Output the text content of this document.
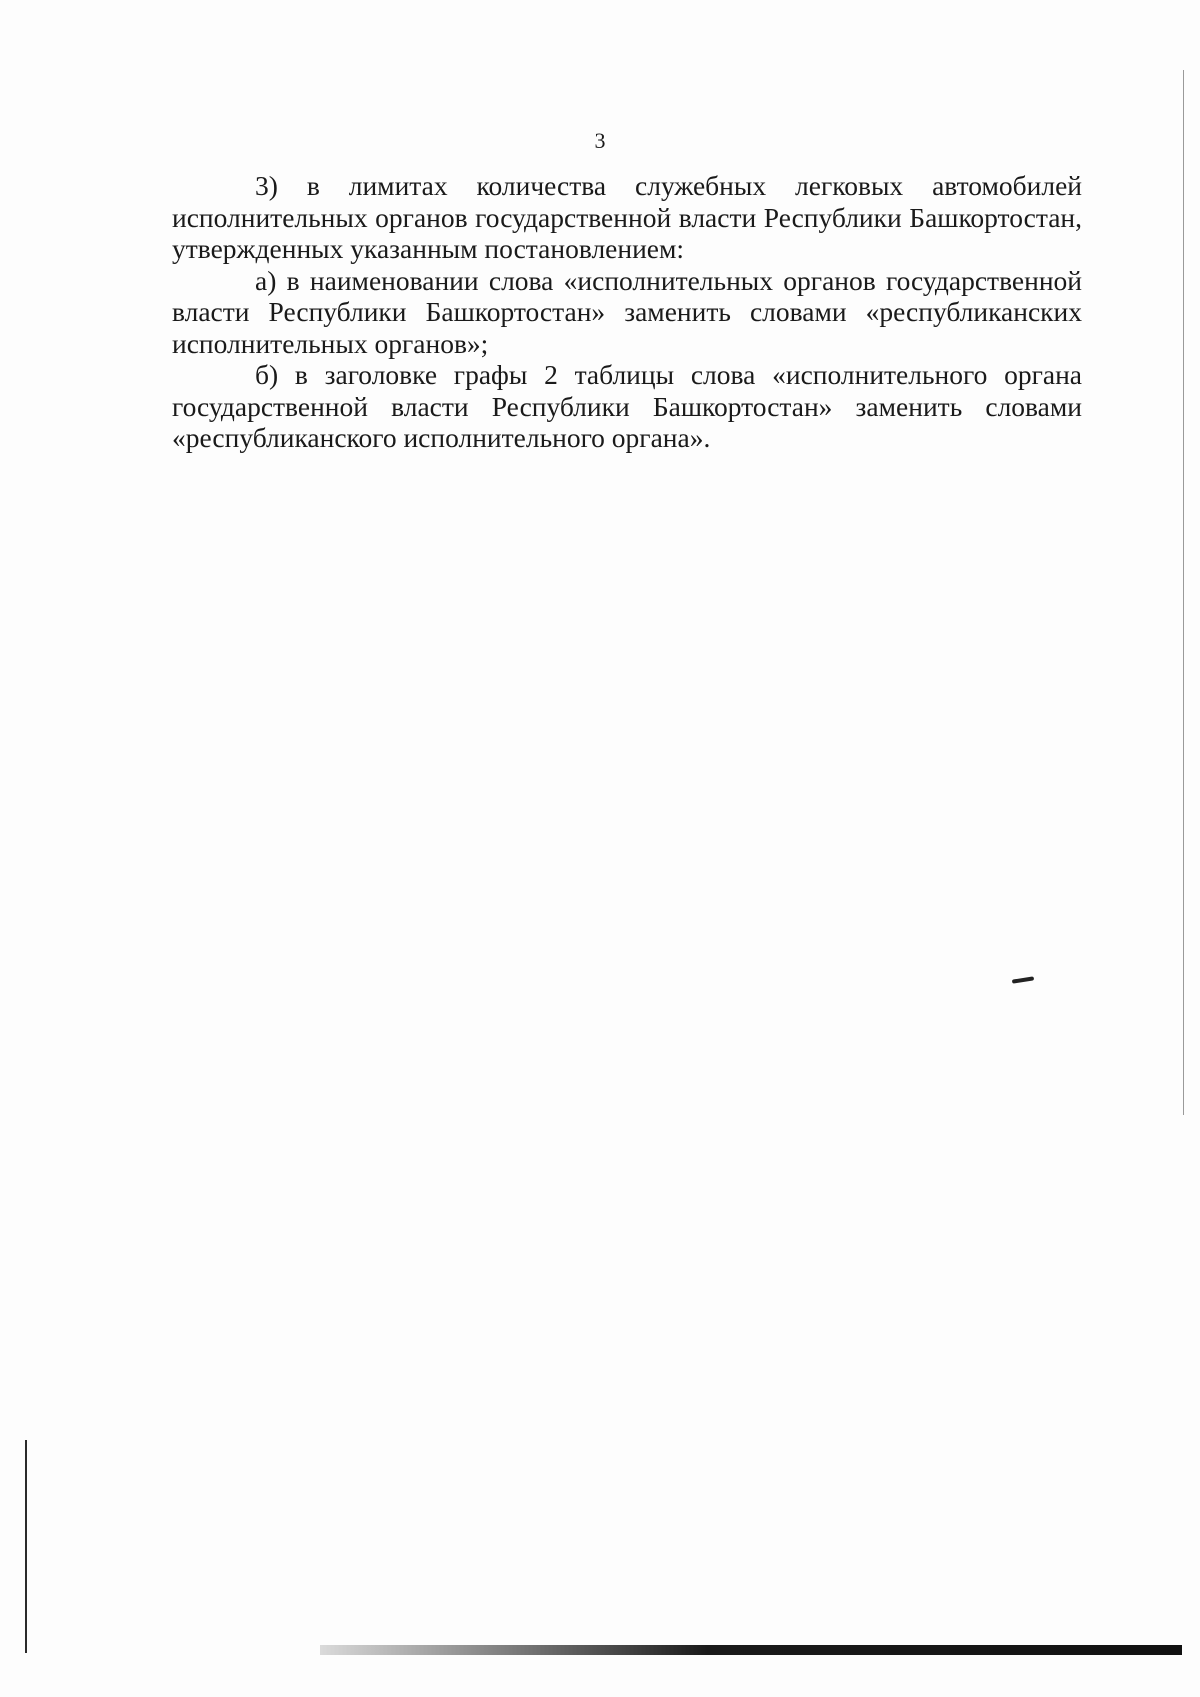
3

3) в лимитах количества служебных легковых автомобилей исполнительных органов государственной власти Республики Башкортостан, утвержденных указанным постановлением:

а) в наименовании слова «исполнительных органов государственной власти Республики Башкортостан» заменить словами «республиканских исполнительных органов»;

б) в заголовке графы 2 таблицы слова «исполнительного органа государственной власти Республики Башкортостан» заменить словами «республиканского исполнительного органа».
